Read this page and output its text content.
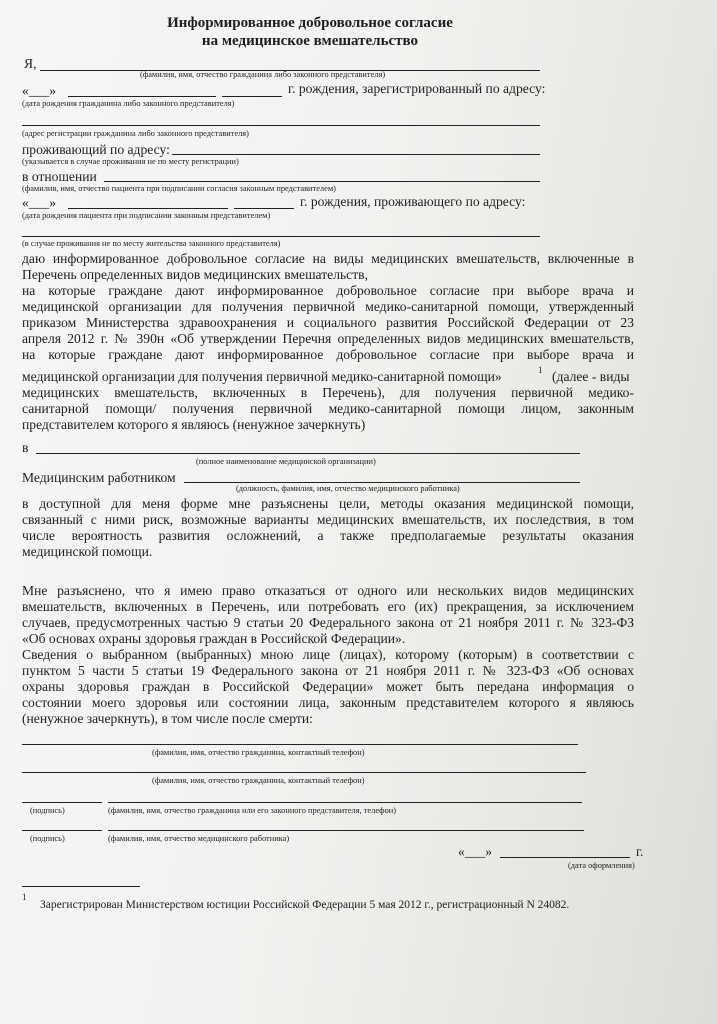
Информированное добровольное согласие
на медицинское вмешательство
Я,
(фамилия, имя, отчество гражданина либо законного представителя)
«___»	г. рождения, зарегистрированный по адресу:
(дата рождения гражданина либо законного представителя)
(адрес регистрации гражданина либо законного представителя)
проживающий по адресу:
(указывается в случае проживания не по месту регистрации)
в отношении
(фамилия, имя, отчество пациента при подписании согласия законным представителем)
«___»	г. рождения, проживающего по адресу:
(дата рождения пациента при подписании законным представителем)
(в случае проживания не по месту жительства законного представителя)
даю информированное добровольное согласие на виды медицинских вмешательств, включенные в
Перечень определенных видов медицинских вмешательств,
на которые граждане дают информированное добровольное согласие при выборе врача и
медицинской организации для получения первичной медико-санитарной помощи, утвержденный
приказом Министерства здравоохранения и социального развития Российской Федерации от 23
апреля 2012 г. № 390н «Об утверждении Перечня определенных видов медицинских вмешательств,
на которые граждане дают информированное добровольное согласие при выборе врача и
медицинской организации для получения первичной медико-санитарной помощи»	1 (далее - виды
медицинских вмешательств, включенных в Перечень), для получения первичной медико-
санитарной помощи/ получения первичной медико-санитарной помощи лицом, законным
представителем которого я являюсь (ненужное зачеркнуть)
в
(полное наименование медицинской организации)
Медицинским работником
(должность, фамилия, имя, отчество медицинского работника)
в доступной для меня форме мне разъяснены цели, методы оказания медицинской помощи,
связанный с ними риск, возможные варианты медицинских вмешательств, их последствия, в том
числе вероятность развития осложнений, а также предполагаемые результаты оказания
медицинской помощи.
Мне разъяснено, что я имею право отказаться от одного или нескольких видов медицинских
вмешательств, включенных в Перечень, или потребовать его (их) прекращения, за исключением
случаев, предусмотренных частью 9 статьи 20 Федерального закона от 21 ноября 2011 г. № 323-ФЗ
«Об основах охраны здоровья граждан в Российской Федерации».
Сведения о выбранном (выбранных) мною лице (лицах), которому (которым) в соответствии с
пунктом 5 части 5 статьи 19 Федерального закона от 21 ноября 2011 г. № 323-ФЗ «Об основах
охраны здоровья граждан в Российской Федерации» может быть передана информация о
состоянии моего здоровья или состоянии лица, законным представителем которого я являюсь
(ненужное зачеркнуть), в том числе после смерти:
(фамилия, имя, отчество гражданина, контактный телефон)
(фамилия, имя, отчество гражданина, контактный телефон)
(подпись)	(фамилия, имя, отчество гражданина или его законного представителя, телефон)
(подпись)	(фамилия, имя, отчество медицинского работника)
«___»	г.
(дата оформления)
1
Зарегистрирован Министерством юстиции Российской Федерации 5 мая 2012 г., регистрационный N 24082.
